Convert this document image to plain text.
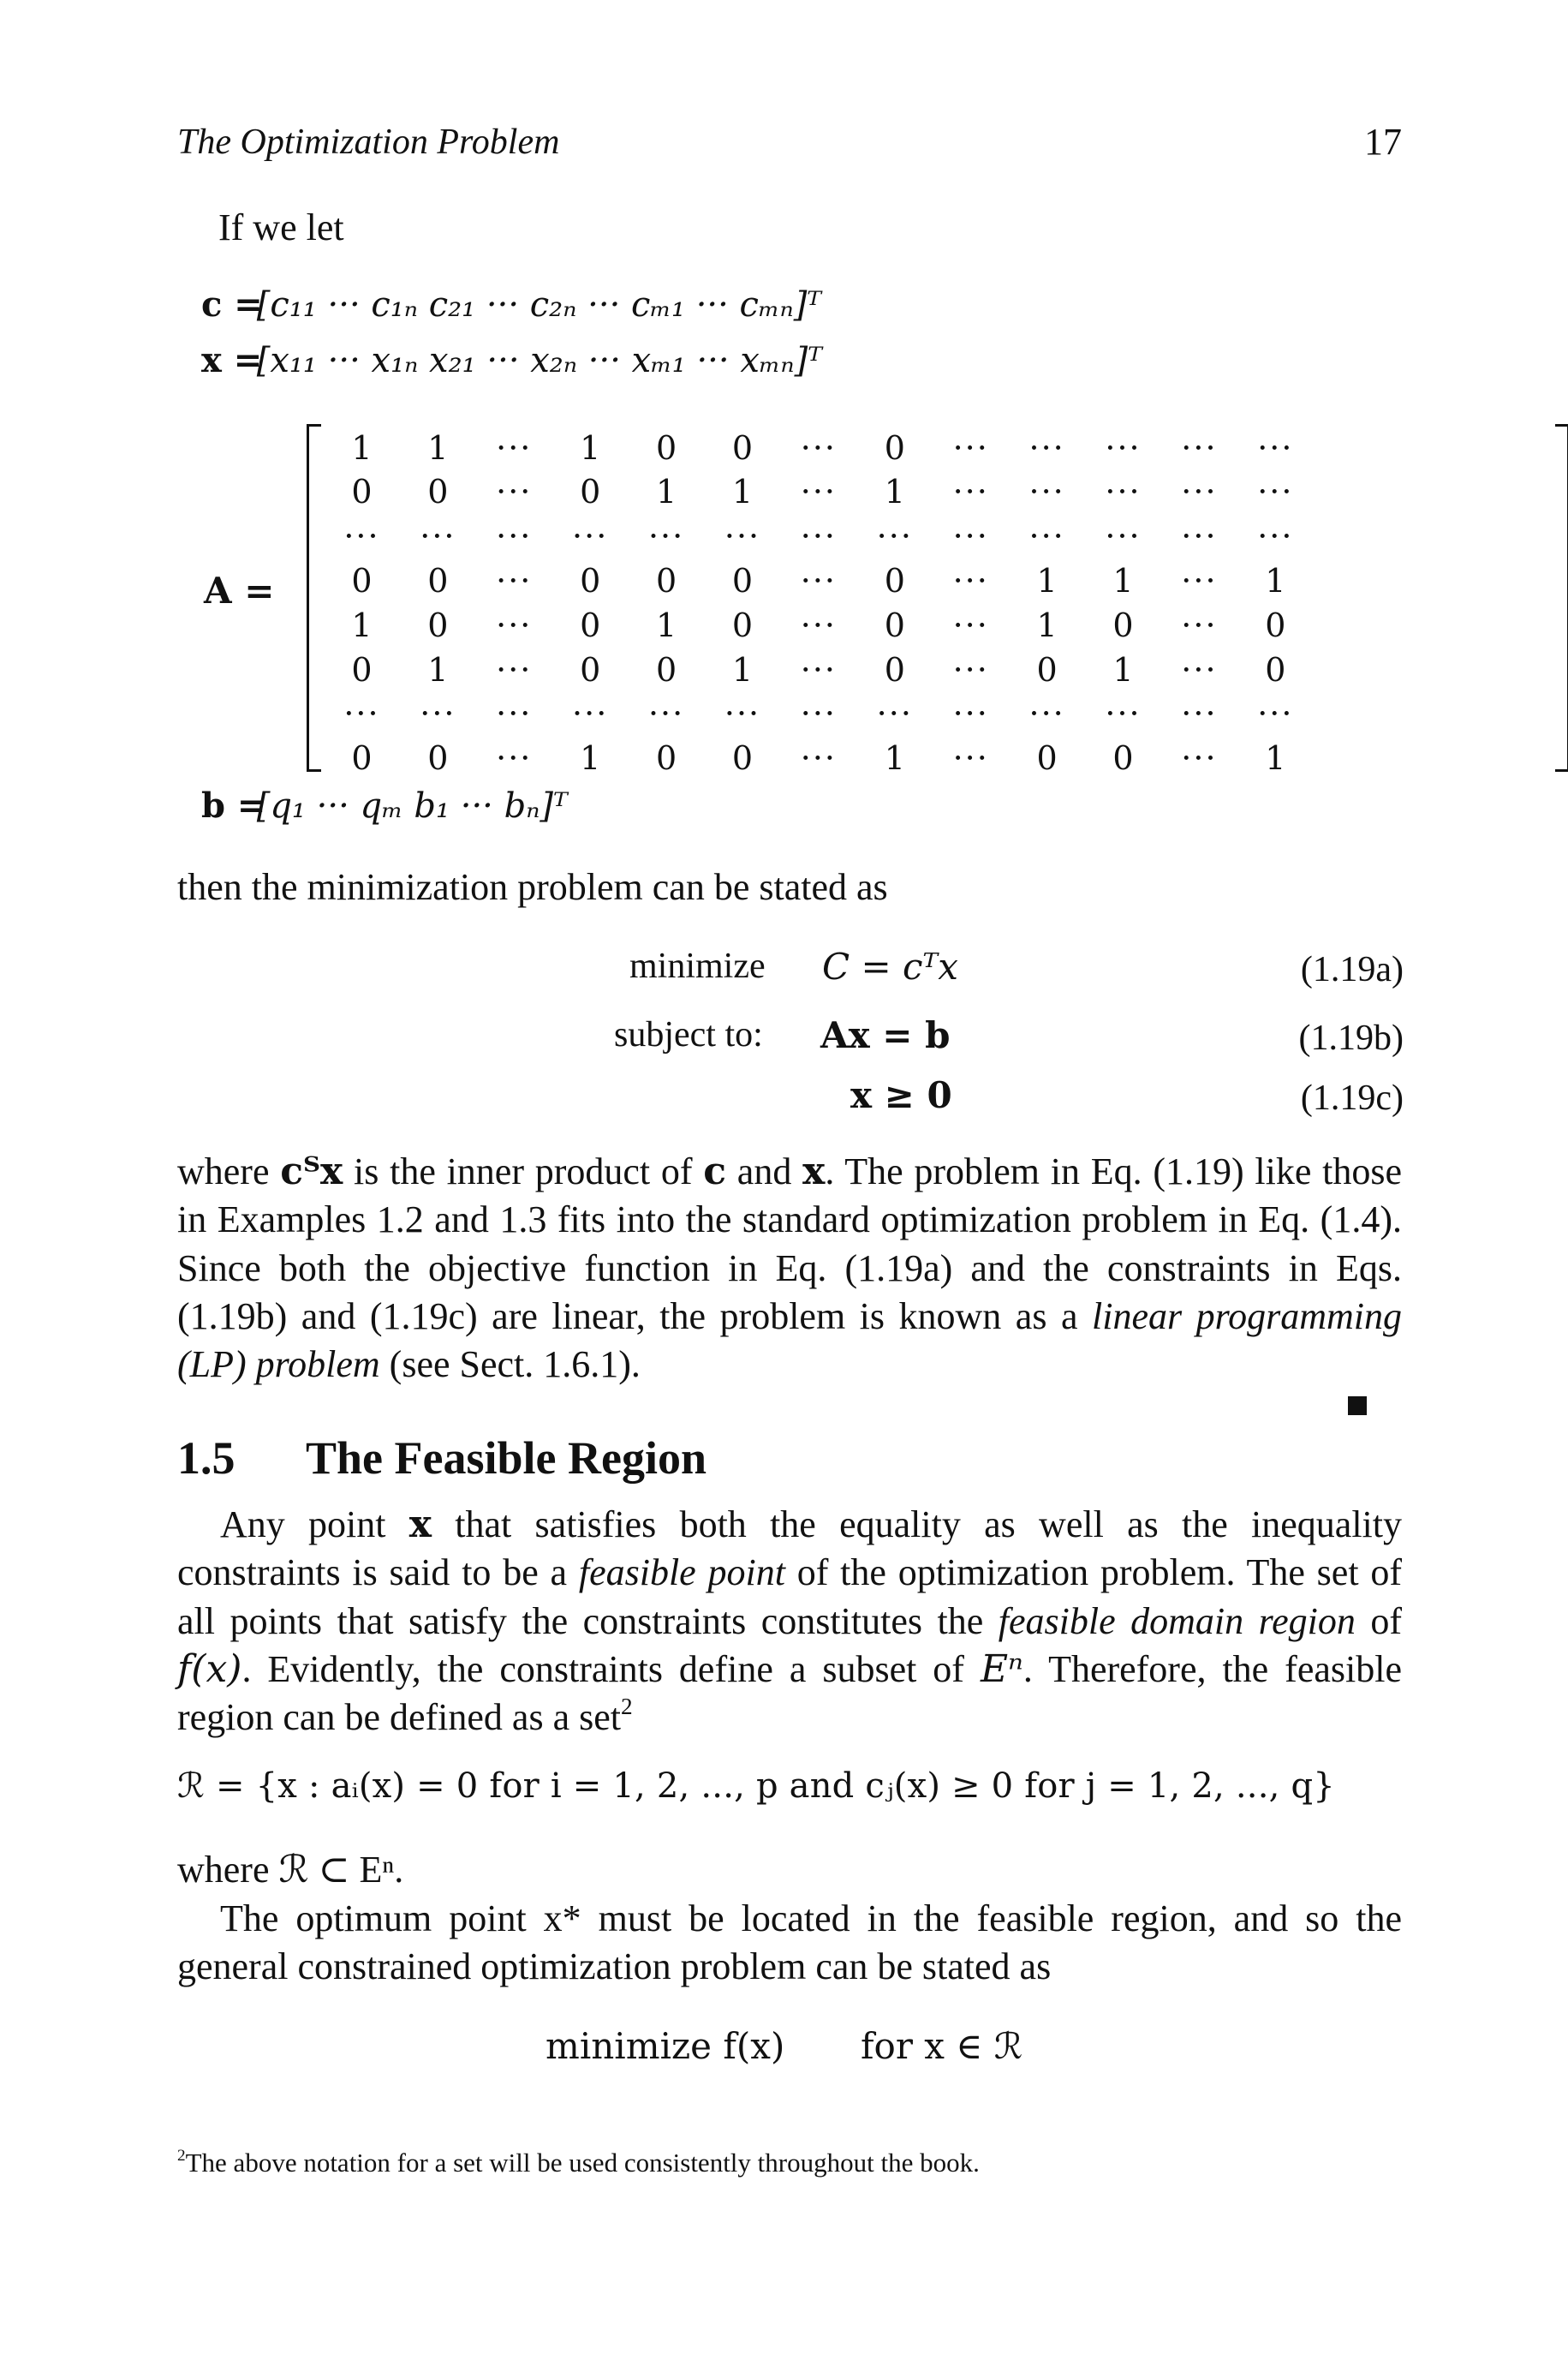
The Optimization Problem	17
If we let
c = [c₁₁ ··· c₁ₙ c₂₁ ··· c₂ₙ ··· cₘ₁ ··· cₘₙ]ᵀ
x = [x₁₁ ··· x₁ₙ x₂₁ ··· x₂ₙ ··· xₘ₁ ··· xₘₙ]ᵀ
A =
1	1	···	1	0	0	···	0	···	···	···	···	···	
0	0	···	0	1	1	···	1	···	···	···	···	···	
···	···	···	···	···	···	···	···	···	···	···	···	···	
0	0	···	0	0	0	···	0	···	1	1	···	1	
1	0	···	0	1	0	···	0	···	1	0	···	0	
0	1	···	0	0	1	···	0	···	0	1	···	0	
···	···	···	···	···	···	···	···	···	···	···	···	···	
0	0	···	1	0	0	···	1	···	0	0	···	1	
b = [q₁ ··· qₘ b₁ ··· bₙ]ᵀ
then the minimization problem can be stated as
minimize C = cᵀx	(1.19a)
subject to: Ax = b	(1.19b)
x ≥ 0	(1.19c)
where cᵀx is the inner product of c and x. The problem in Eq. (1.19) like those in Examples 1.2 and 1.3 fits into the standard optimization problem in Eq. (1.4). Since both the objective function in Eq. (1.19a) and the constraints in Eqs. (1.19b) and (1.19c) are linear, the problem is known as a linear programming (LP) problem (see Sect. 1.6.1).
1.5 The Feasible Region
Any point x that satisfies both the equality as well as the inequality constraints is said to be a feasible point of the optimization problem. The set of all points that satisfy the constraints constitutes the feasible domain region of f(x). Evidently, the constraints define a subset of Eⁿ. Therefore, the feasible region can be defined as a set$^2$
ℛ = {x : aᵢ(x) = 0 for i = 1, 2, ..., p and cⱼ(x) ≥ 0 for j = 1, 2, ..., q}
where ℛ ⊂ Eⁿ.
The optimum point x* must be located in the feasible region, and so the general constrained optimization problem can be stated as
minimize f(x) for x ∈ ℛ
$^2$The above notation for a set will be used consistently throughout the book.
